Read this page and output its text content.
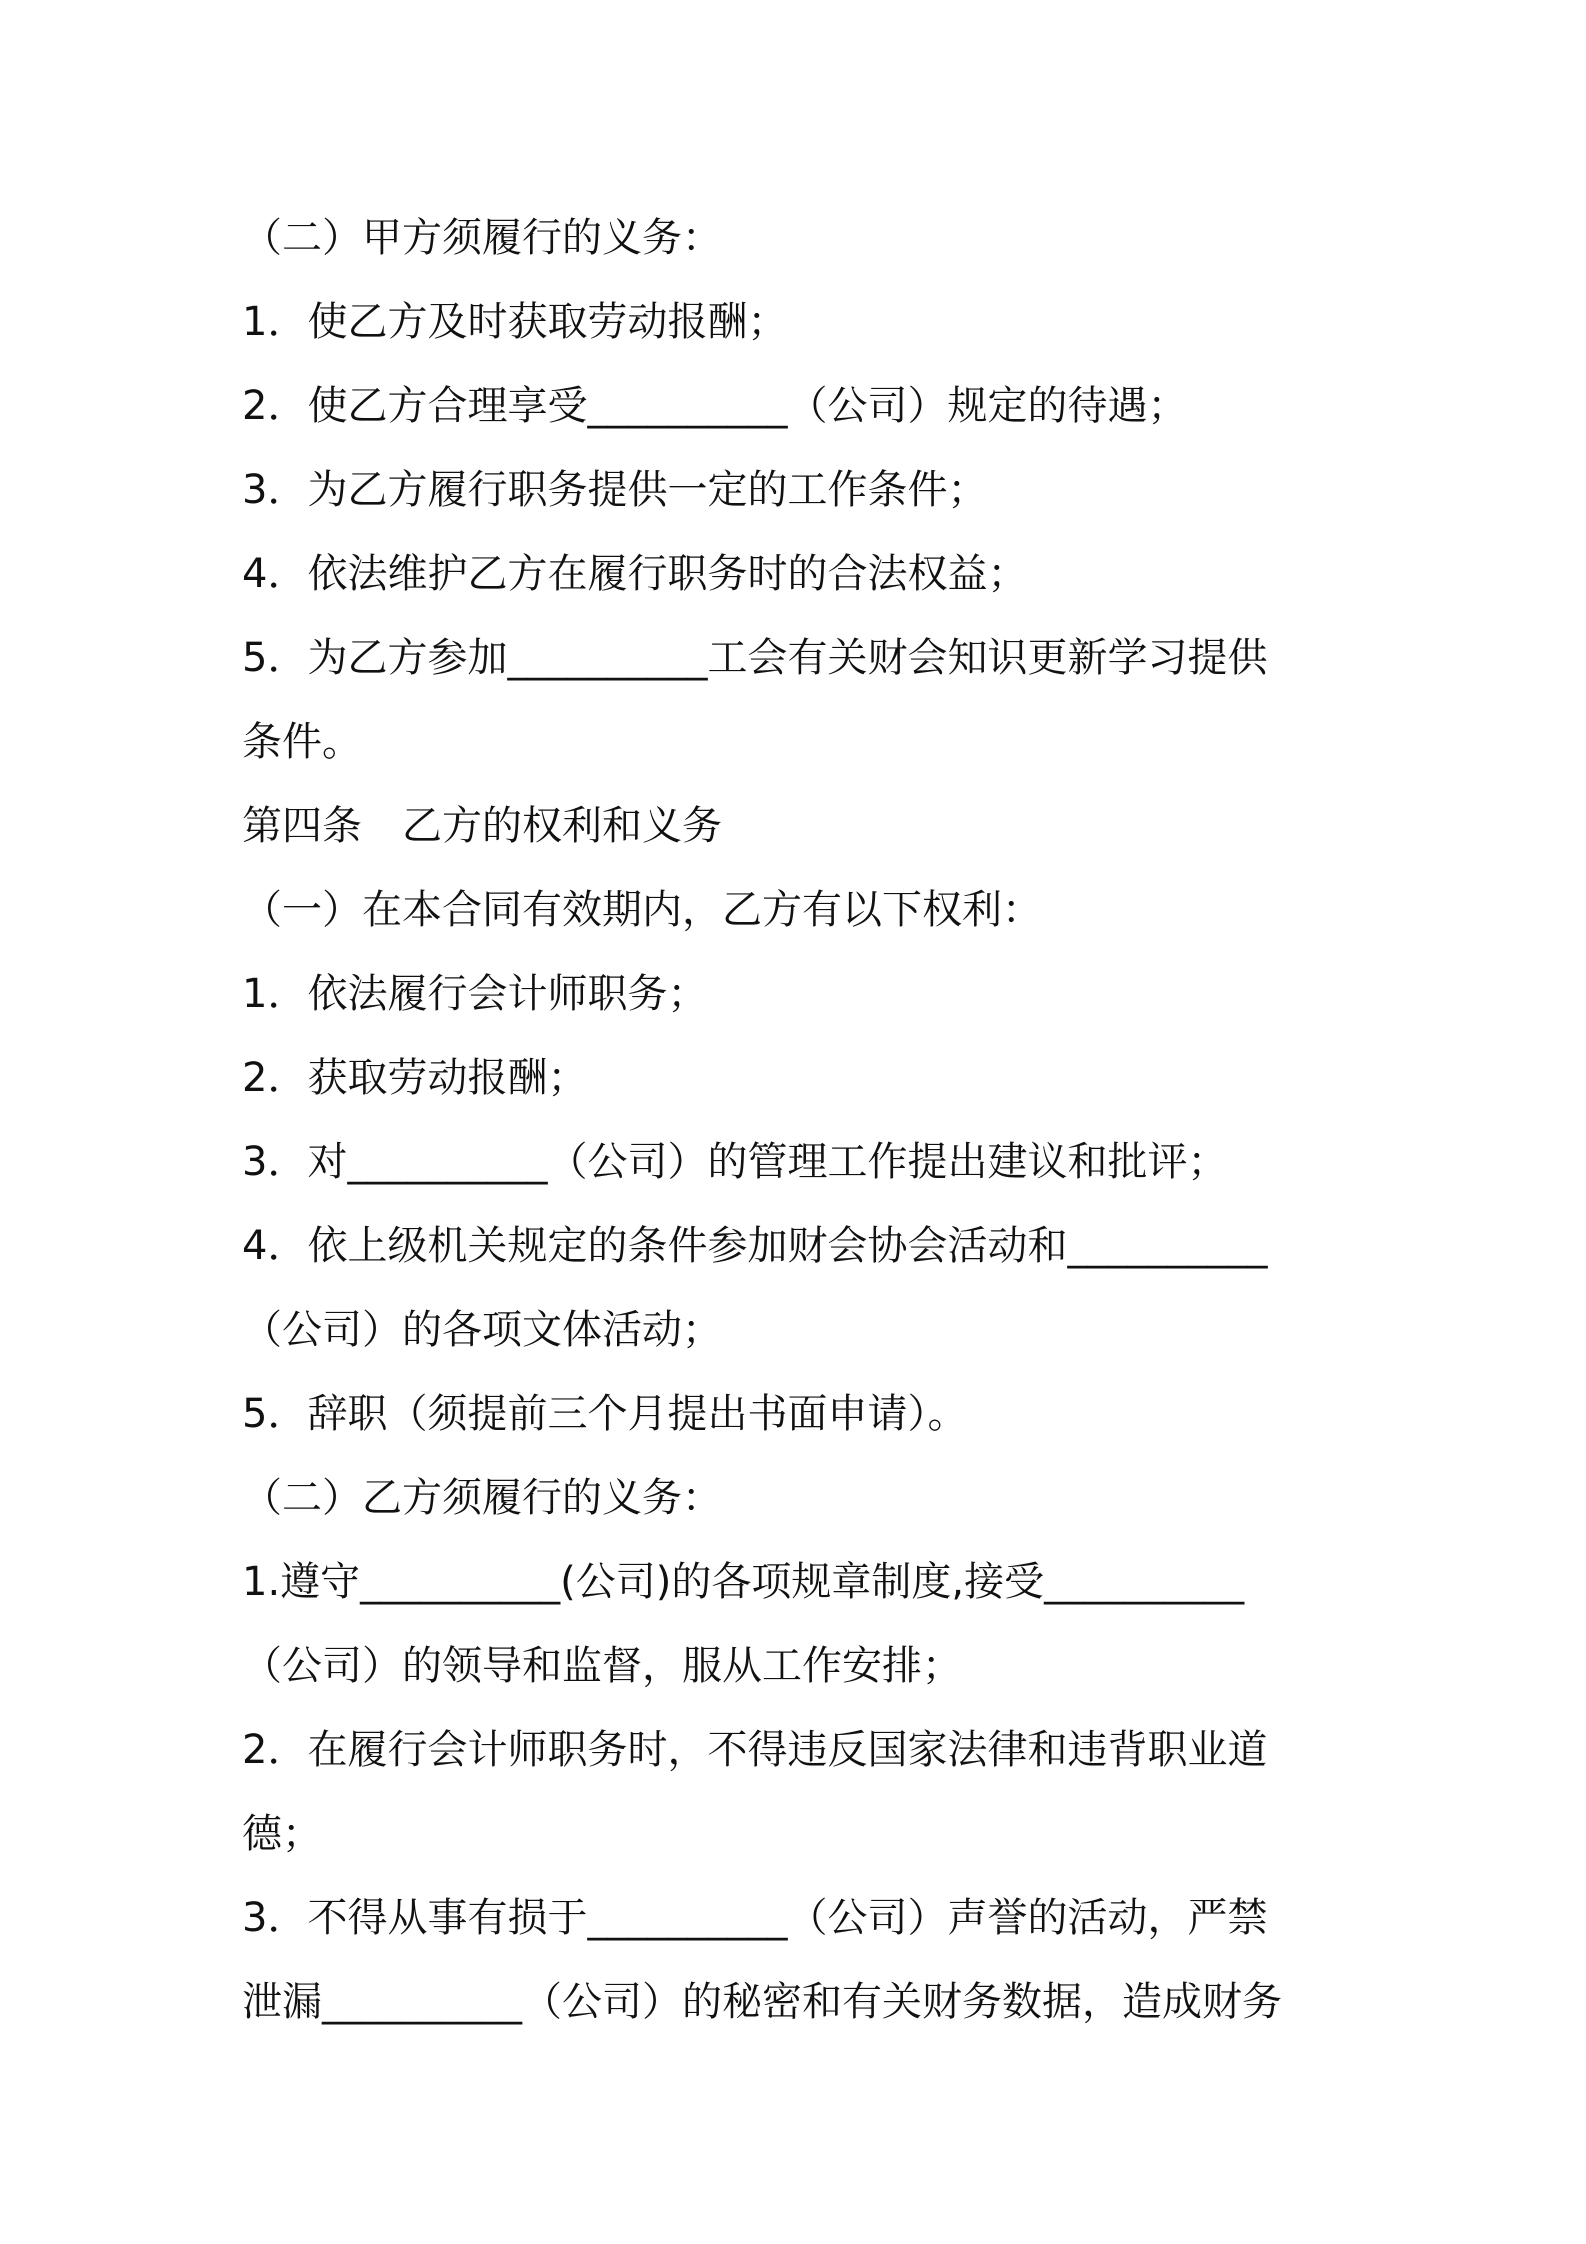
（二）甲方须履行的义务：
1．使乙方及时获取劳动报酬；
2．使乙方合理享受__________（公司）规定的待遇；
3．为乙方履行职务提供一定的工作条件；
4．依法维护乙方在履行职务时的合法权益；
5．为乙方参加__________工会有关财会知识更新学习提供
条件。
第四条　乙方的权利和义务
（一）在本合同有效期内，乙方有以下权利：
1．依法履行会计师职务；
2．获取劳动报酬；
3．对__________（公司）的管理工作提出建议和批评；
4．依上级机关规定的条件参加财会协会活动和__________
（公司）的各项文体活动；
5．辞职（须提前三个月提出书面申请）。
（二）乙方须履行的义务：
1.遵守__________(公司)的各项规章制度,接受__________
（公司）的领导和监督，服从工作安排；
2．在履行会计师职务时，不得违反国家法律和违背职业道
德；
3．不得从事有损于__________（公司）声誉的活动，严禁
泄漏__________（公司）的秘密和有关财务数据，造成财务
